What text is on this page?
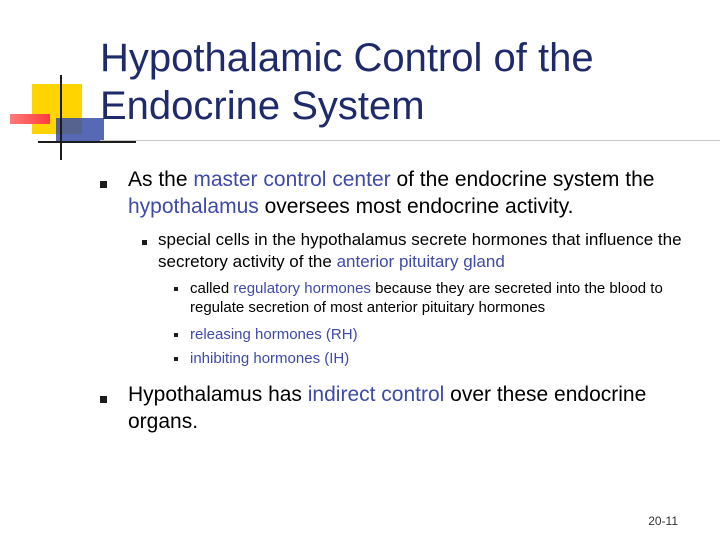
Hypothalamic Control of the Endocrine System
As the master control center of the endocrine system the hypothalamus oversees most endocrine activity.
special cells in the hypothalamus secrete hormones that influence the secretory activity of the anterior pituitary gland
called regulatory hormones because they are secreted into the blood to regulate secretion of most anterior pituitary hormones
releasing hormones (RH)
inhibiting hormones (IH)
Hypothalamus has indirect control over these endocrine organs.
20-11
